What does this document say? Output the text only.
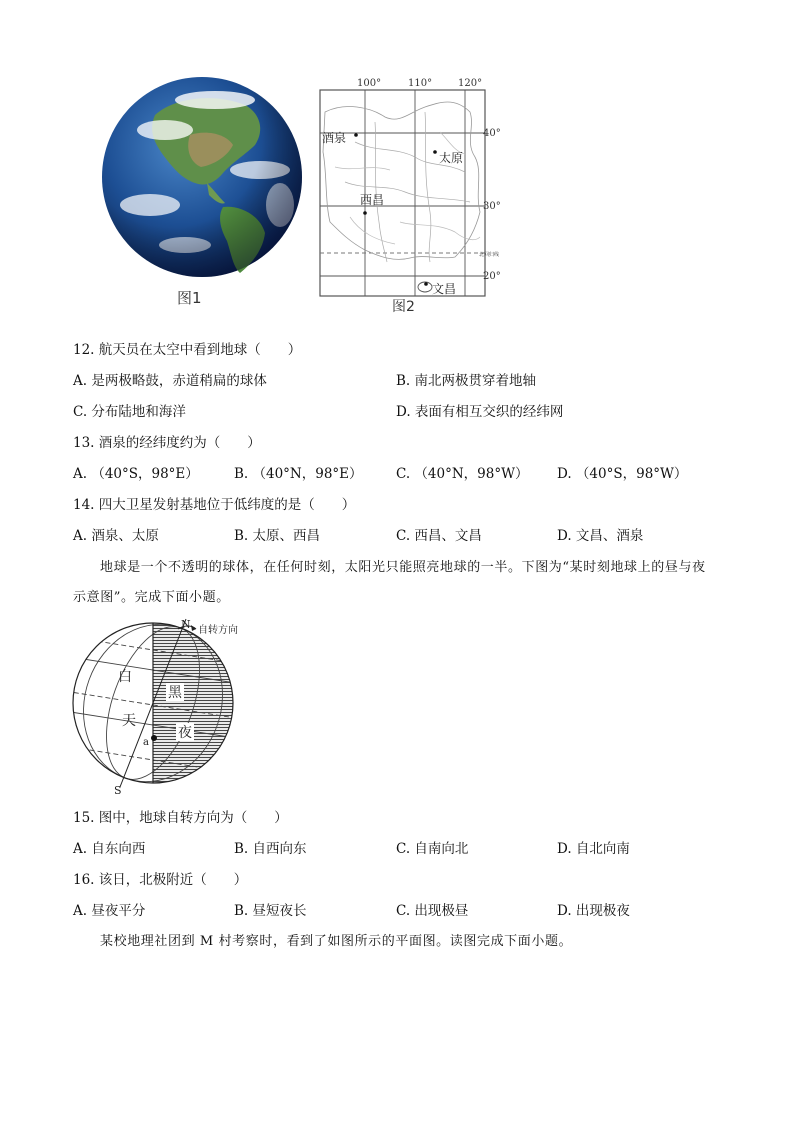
图1
100°	110°	120°
40°
30°
20°
北回归线
酒泉
太原
西昌
文昌
图2
12. 航天员在太空中看到地球（　　）
A. 是两极略鼓，赤道稍扁的球体	B. 南北两极贯穿着地轴
C. 分布陆地和海洋	D. 表面有相互交织的经纬网
13. 酒泉的经纬度约为（　　）
A. （40°S，98°E）	B. （40°N，98°E） C. （40°N，98°W） D. （40°S，98°W）
14. 四大卫星发射基地位于低纬度的是（　　）
A. 酒泉、太原	B. 太原、西昌	C. 西昌、文昌	D. 文昌、酒泉
地球是一个不透明的球体，在任何时刻，太阳光只能照亮地球的一半。下图为“某时刻地球上的昼与夜
示意图”。完成下面小题。
N 自转方向
S
白
天
黑
夜
a
15. 图中，地球自转方向为（　　）
A. 自东向西	B. 自西向东	C. 自南向北	D. 自北向南
16. 该日，北极附近（　　）
A. 昼夜平分	B. 昼短夜长	C. 出现极昼	D. 出现极夜
某校地理社团到 M 村考察时，看到了如图所示的平面图。读图完成下面小题。
